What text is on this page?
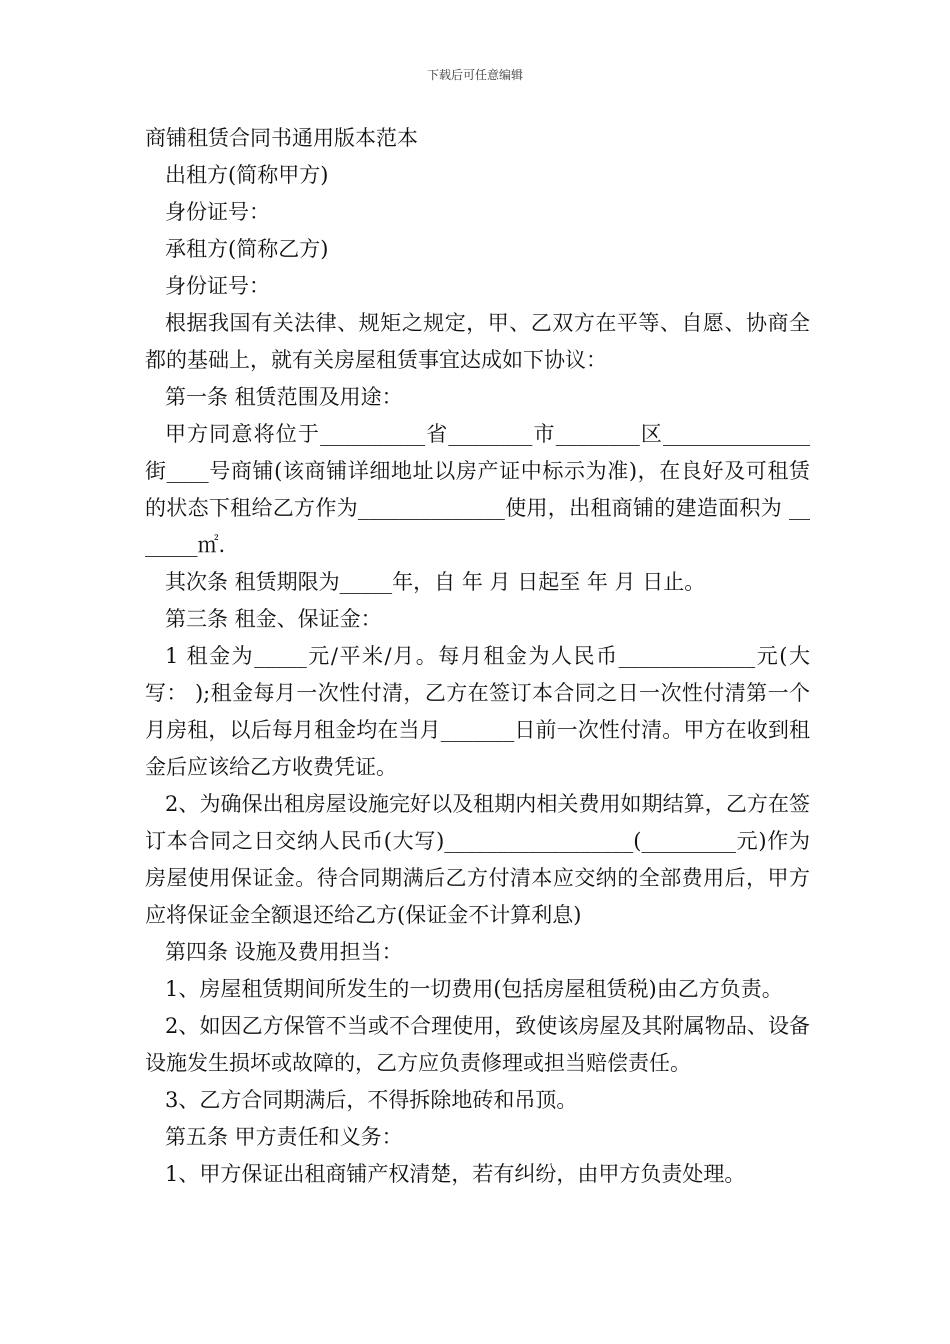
下载后可任意编辑
商铺租赁合同书通用版本范本

出租方(简称甲方)

身份证号：

承租方(简称乙方)

身份证号：

根据我国有关法律、规矩之规定，甲、乙双方在平等、自愿、协商全都的基础上，就有关房屋租赁事宜达成如下协议：

第一条 租赁范围及用途：

甲方同意将位于__________省________市________区______________ 街____号商铺(该商铺详细地址以房产证中标示为准)，在良好及可租赁的状态下租给乙方作为______________使用，出租商铺的建造面积为 _______㎡.

其次条 租赁期限为_____年，自 年 月 日起至 年 月 日止。

第三条 租金、保证金：

1 租金为_____元/平米/月。每月租金为人民币_____________元(大写： );租金每月一次性付清，乙方在签订本合同之日一次性付清第一个月房租，以后每月租金均在当月_______日前一次性付清。甲方在收到租金后应该给乙方收费凭证。

2、为确保出租房屋设施完好以及租期内相关费用如期结算，乙方在签订本合同之日交纳人民币(大写)__________________(_________元)作为房屋使用保证金。待合同期满后乙方付清本应交纳的全部费用后，甲方应将保证金全额退还给乙方(保证金不计算利息)

第四条 设施及费用担当：

1、房屋租赁期间所发生的一切费用(包括房屋租赁税)由乙方负责。

2、如因乙方保管不当或不合理使用，致使该房屋及其附属物品、设备设施发生损坏或故障的，乙方应负责修理或担当赔偿责任。

3、乙方合同期满后，不得拆除地砖和吊顶。

第五条 甲方责任和义务：

1、甲方保证出租商铺产权清楚，若有纠纷，由甲方负责处理。
